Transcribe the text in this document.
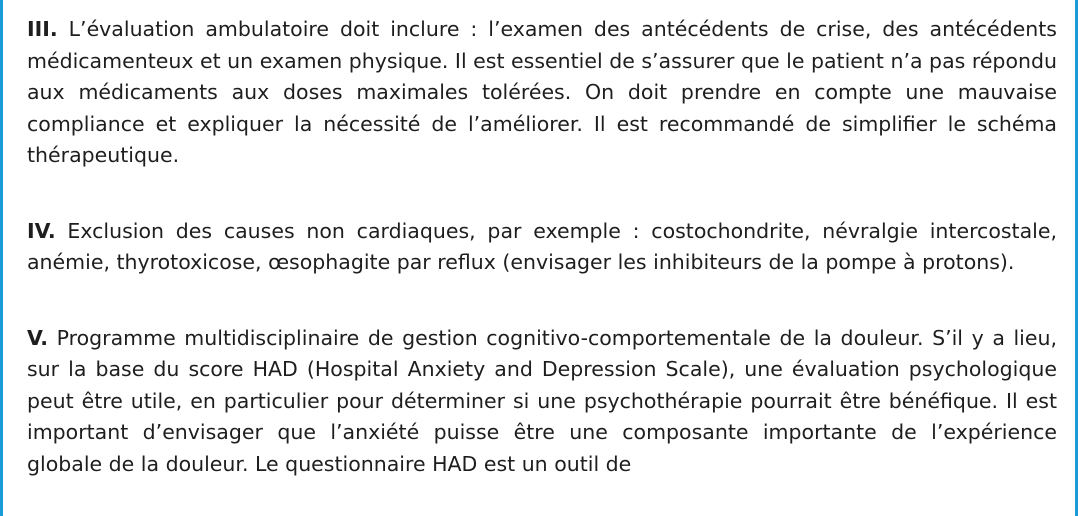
III. L’évaluation ambulatoire doit inclure : l’examen des antécédents de crise, des antécédents médicamenteux et un examen physique. Il est essentiel de s’assurer que le patient n’a pas répondu aux médicaments aux doses maximales tolérées. On doit prendre en compte une mauvaise compliance et expliquer la nécessité de l’améliorer. Il est recommandé de simplifier le schéma thérapeutique.

IV. Exclusion des causes non cardiaques, par exemple : costochondrite, névralgie intercostale, anémie, thyrotoxicose, œsophagite par reflux (envisager les inhibiteurs de la pompe à protons).

V. Programme multidisciplinaire de gestion cognitivo-comportementale de la douleur. S’il y a lieu, sur la base du score HAD (Hospital Anxiety and Depression Scale), une évaluation psychologique peut être utile, en particulier pour déterminer si une psychothérapie pourrait être bénéfique. Il est important d’envisager que l’anxiété puisse être une composante importante de l’expérience globale de la douleur. Le questionnaire HAD est un outil de
